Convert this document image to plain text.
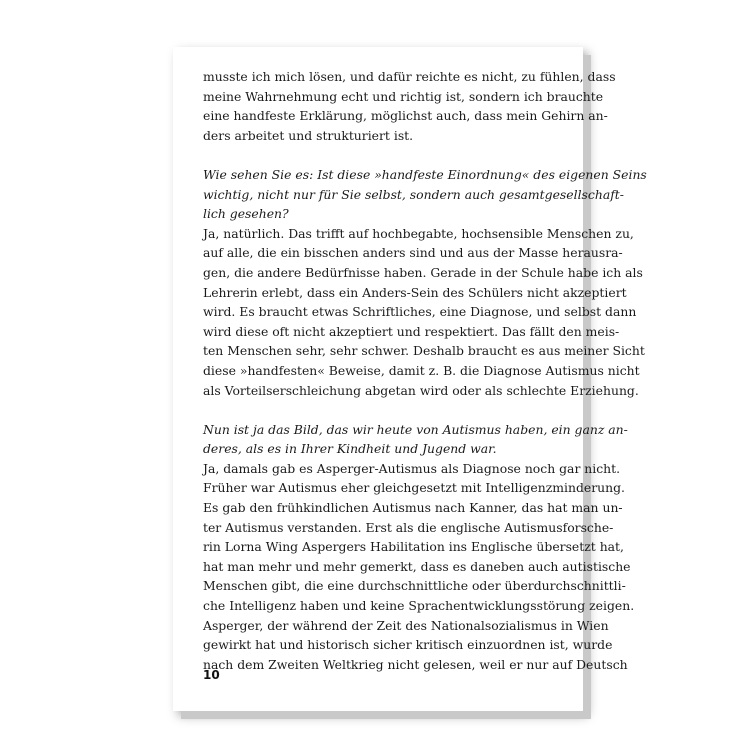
musste ich mich lösen, und dafür reichte es nicht, zu fühlen, dass
meine Wahrnehmung echt und richtig ist, sondern ich brauchte
eine handfeste Erklärung, möglichst auch, dass mein Gehirn an-
ders arbeitet und strukturiert ist.
Wie sehen Sie es: Ist diese »handfeste Einordnung« des eigenen Seins
wichtig, nicht nur für Sie selbst, sondern auch gesamtgesellschaft-
lich gesehen?
Ja, natürlich. Das trifft auf hochbegabte, hochsensible Menschen zu,
auf alle, die ein bisschen anders sind und aus der Masse herausra-
gen, die andere Bedürfnisse haben. Gerade in der Schule habe ich als
Lehrerin erlebt, dass ein Anders-Sein des Schülers nicht akzeptiert
wird. Es braucht etwas Schriftliches, eine Diagnose, und selbst dann
wird diese oft nicht akzeptiert und respektiert. Das fällt den meis-
ten Menschen sehr, sehr schwer. Deshalb braucht es aus meiner Sicht
diese »handfesten« Beweise, damit z. B. die Diagnose Autismus nicht
als Vorteilserschleichung abgetan wird oder als schlechte Erziehung.
Nun ist ja das Bild, das wir heute von Autismus haben, ein ganz an-
deres, als es in Ihrer Kindheit und Jugend war.
Ja, damals gab es Asperger-Autismus als Diagnose noch gar nicht.
Früher war Autismus eher gleichgesetzt mit Intelligenzminderung.
Es gab den frühkindlichen Autismus nach Kanner, das hat man un-
ter Autismus verstanden. Erst als die englische Autismusforsche-
rin Lorna Wing Aspergers Habilitation ins Englische übersetzt hat,
hat man mehr und mehr gemerkt, dass es daneben auch autistische
Menschen gibt, die eine durchschnittliche oder überdurchschnittli-
che Intelligenz haben und keine Sprachentwicklungsstörung zeigen.
Asperger, der während der Zeit des Nationalsozialismus in Wien
gewirkt hat und historisch sicher kritisch einzuordnen ist, wurde
nach dem Zweiten Weltkrieg nicht gelesen, weil er nur auf Deutsch
10
